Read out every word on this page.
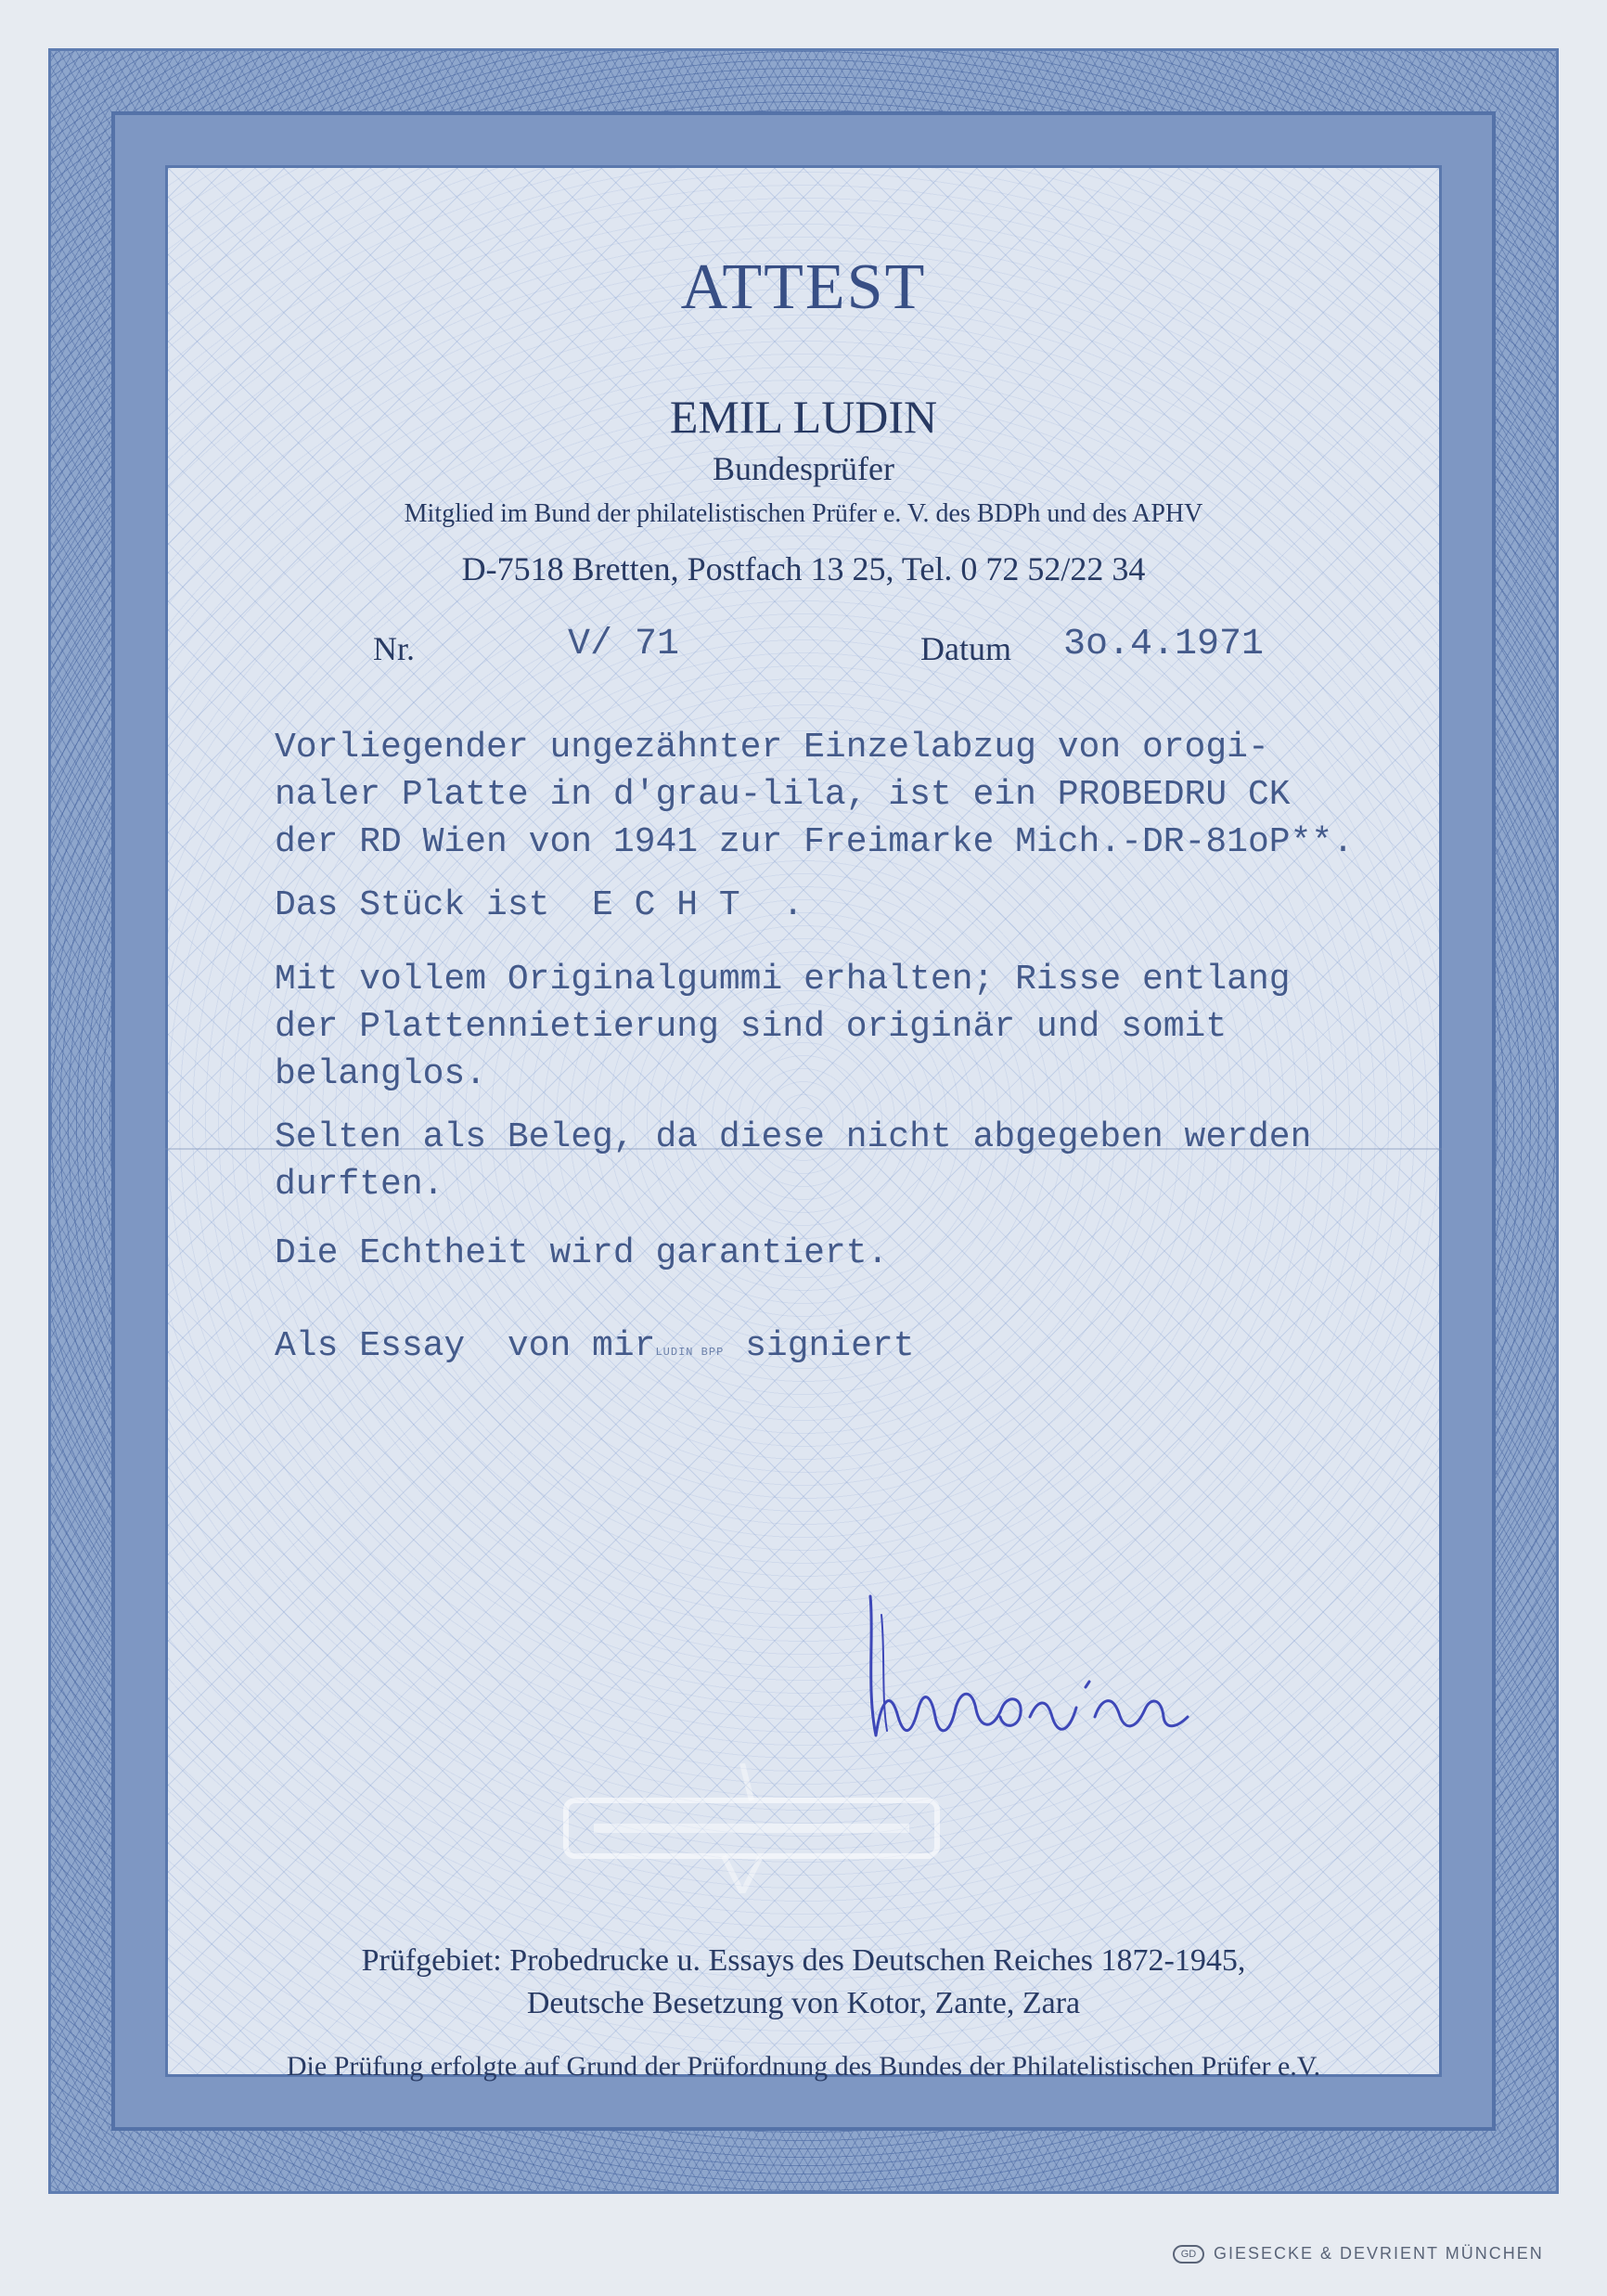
ATTEST
EMIL LUDIN
Bundesprüfer
Mitglied im Bund der philatelistischen Prüfer e. V. des BDPh und des APHV
D-7518 Bretten, Postfach 13 25, Tel. 0 72 52/22 34
Nr.	V/ 71	Datum 3o.4.1971
Vorliegender ungezähnter Einzelabzug von orogi-
naler Platte in d'grau-lila, ist ein PROBEDRU CK
der RD Wien von 1941 zur Freimarke Mich.-DR-81oP**.
Das Stück ist  E C H T  .
Mit vollem Originalgummi erhalten; Risse entlang
der Plattennietierung sind originär und somit
belanglos.
Selten als Beleg, da diese nicht abgegeben werden
durften.
Die Echtheit wird garantiert.
Als Essay  von mirLUDIN BPP signiert
Prüfgebiet: Probedrucke u. Essays des Deutschen Reiches 1872-1945,
Deutsche Besetzung von Kotor, Zante, Zara
Die Prüfung erfolgte auf Grund der Prüfordnung des Bundes der Philatelistischen Prüfer e.V.
GD	GIESECKE & DEVRIENT MÜNCHEN
